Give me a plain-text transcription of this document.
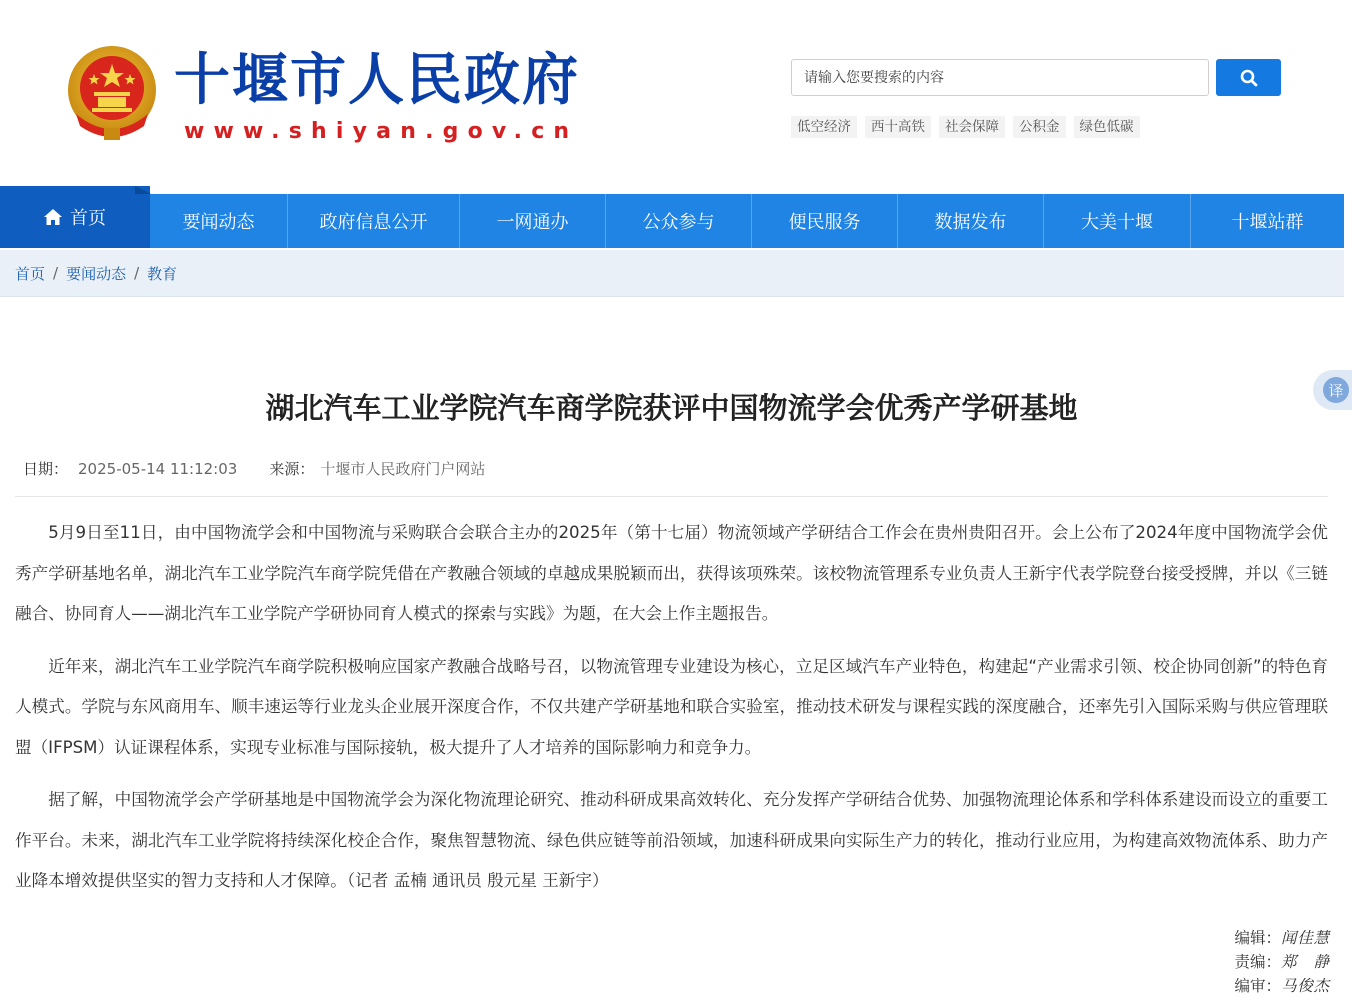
十堰市人民政府
www.shiyan.gov.cn
请输入您要搜索的内容	低空经济	西十高铁	社会保障	公积金	绿色低碳
首页	要闻动态	政府信息公开	一网通办	公众参与	便民服务	数据发布	大美十堰	十堰站群
首页 / 要闻动态 / 教育
译
湖北汽车工业学院汽车商学院获评中国物流学会优秀产学研基地
日期： 2025-05-14 11:12:03 来源： 十堰市人民政府门户网站

5月9日至11日，由中国物流学会和中国物流与采购联合会联合主办的2025年（第十七届）物流领域产学研结合工作会在贵州贵阳召开。会上公布了2024年度中国物流学会优秀产学研基地名单，湖北汽车工业学院汽车商学院凭借在产教融合领域的卓越成果脱颖而出，获得该项殊荣。该校物流管理系专业负责人王新宇代表学院登台接受授牌，并以《三链融合、协同育人——湖北汽车工业学院产学研协同育人模式的探索与实践》为题，在大会上作主题报告。

近年来，湖北汽车工业学院汽车商学院积极响应国家产教融合战略号召，以物流管理专业建设为核心，立足区域汽车产业特色，构建起“产业需求引领、校企协同创新”的特色育人模式。学院与东风商用车、顺丰速运等行业龙头企业展开深度合作，不仅共建产学研基地和联合实验室，推动技术研发与课程实践的深度融合，还率先引入国际采购与供应管理联盟（IFPSM）认证课程体系，实现专业标准与国际接轨，极大提升了人才培养的国际影响力和竞争力。

据了解，中国物流学会产学研基地是中国物流学会为深化物流理论研究、推动科研成果高效转化、充分发挥产学研结合优势、加强物流理论体系和学科体系建设而设立的重要工作平台。未来，湖北汽车工业学院将持续深化校企合作，聚焦智慧物流、绿色供应链等前沿领域，加速科研成果向实际生产力的转化，推动行业应用，为构建高效物流体系、助力产业降本增效提供坚实的智力支持和人才保障。（记者 孟楠 通讯员 殷元星 王新宇）

编辑： 闻佳慧
责编： 郑静
编审： 马俊杰
